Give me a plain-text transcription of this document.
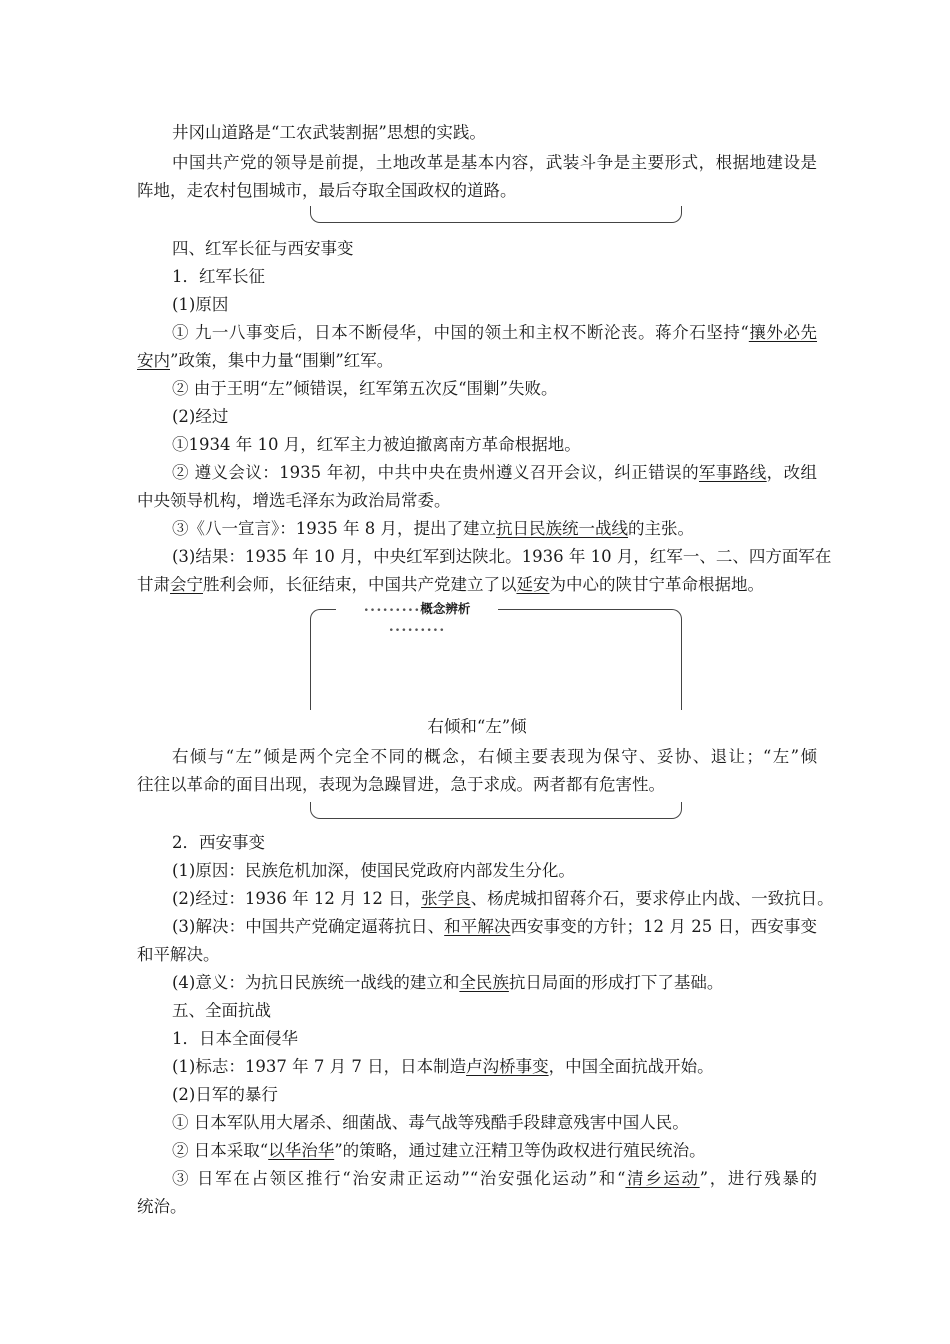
井冈山道路是“工农武装割据”思想的实践。
中国共产党的领导是前提，土地改革是基本内容，武装斗争是主要形式，根据地建设是
阵地，走农村包围城市，最后夺取全国政权的道路。
四、红军长征与西安事变
1．红军长征
(1)原因
① 九一八事变后，日本不断侵华，中国的领土和主权不断沦丧。蒋介石坚持“攘外必先
安内”政策，集中力量“围剿”红军。
② 由于王明“左”倾错误，红军第五次反“围剿”失败。
(2)经过
①1934 年 10 月，红军主力被迫撤离南方革命根据地。
② 遵义会议：1935 年初，中共中央在贵州遵义召开会议，纠正错误的军事路线，改组
中央领导机构，增选毛泽东为政治局常委。
③《八一宣言》：1935 年 8 月，提出了建立抗日民族统一战线的主张。
(3)结果：1935 年 10 月，中央红军到达陕北。1936 年 10 月，红军一、二、四方面军在
甘肃会宁胜利会师，长征结束，中国共产党建立了以延安为中心的陕甘宁革命根据地。
•••••••••概念辨析•••••••••
右倾和“左”倾
右倾与“左”倾是两个完全不同的概念，右倾主要表现为保守、妥协、退让；“左”倾
往往以革命的面目出现，表现为急躁冒进，急于求成。两者都有危害性。
2．西安事变
(1)原因：民族危机加深，使国民党政府内部发生分化。
(2)经过：1936 年 12 月 12 日，张学良、杨虎城扣留蒋介石，要求停止内战、一致抗日。
(3)解决：中国共产党确定逼蒋抗日、和平解决西安事变的方针；12 月 25 日，西安事变
和平解决。
(4)意义：为抗日民族统一战线的建立和全民族抗日局面的形成打下了基础。
五、全面抗战
1．日本全面侵华
(1)标志：1937 年 7 月 7 日，日本制造卢沟桥事变，中国全面抗战开始。
(2)日军的暴行
① 日本军队用大屠杀、细菌战、毒气战等残酷手段肆意残害中国人民。
② 日本采取“以华治华”的策略，通过建立汪精卫等伪政权进行殖民统治。
③ 日军在占领区推行“治安肃正运动”“治安强化运动”和“清乡运动”，进行残暴的
统治。
